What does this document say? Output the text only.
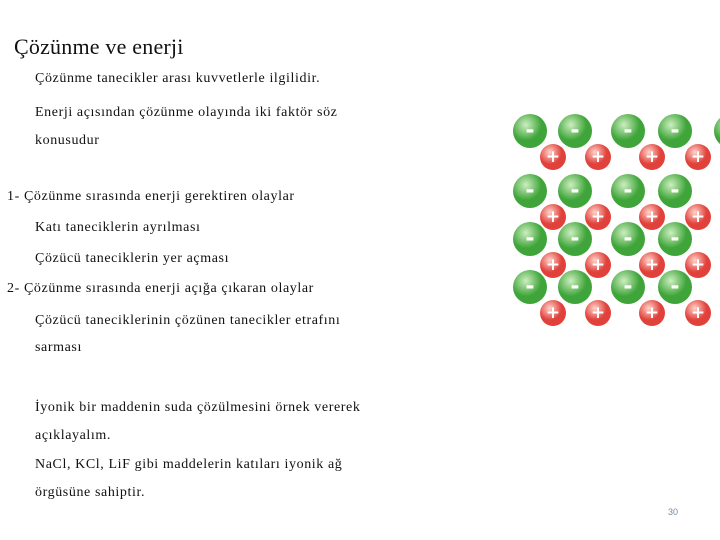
Çözünme ve enerji
Çözünme tanecikler arası kuvvetlerle ilgilidir.
Enerji açısından çözünme olayında iki faktör söz
konusudur
1- Çözünme sırasında enerji gerektiren olaylar
Katı taneciklerin ayrılması
Çözücü taneciklerin yer açması
2- Çözünme sırasında enerji açığa çıkaran olaylar
Çözücü taneciklerinin çözünen tanecikler etrafını
sarması
İyonik bir maddenin suda çözülmesini örnek vererek
açıklayalım.
NaCl, KCl, LiF gibi maddelerin katıları iyonik ağ
örgüsüne sahiptir.
30
- - - -
- - - -
- - - -
- - - -
+ + + +
+ + + +
+ + + +
+ + + +
